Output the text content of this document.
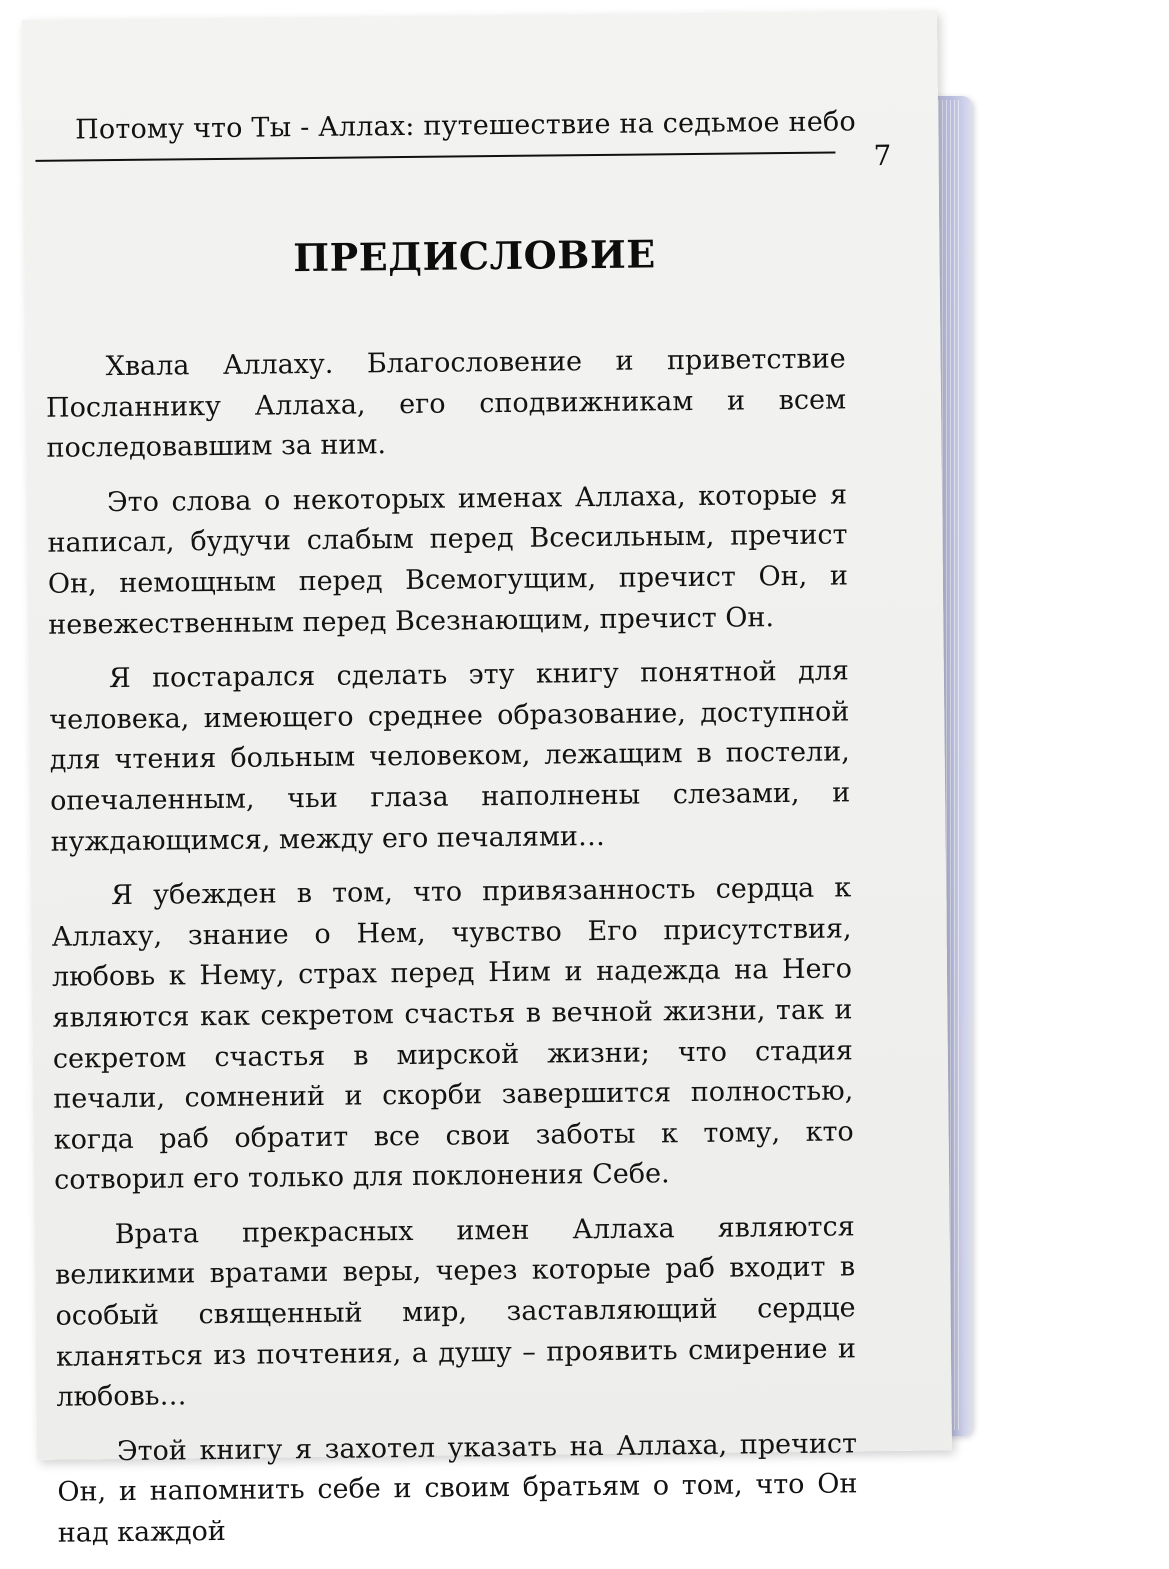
Потому что Ты - Аллах: путешествие на седьмое небо
7
ПРЕДИСЛОВИЕ

Хвала Аллаху. Благословение и приветствие Посланнику Аллаха, его сподвижникам и всем последовавшим за ним.

Это слова о некоторых именах Аллаха, которые я написал, будучи слабым перед Всесильным, пречист Он, немощным перед Всемогущим, пречист Он, и невежественным перед Всезнающим, пречист Он.

Я постарался сделать эту книгу понятной для человека, имеющего среднее образование, доступной для чтения больным человеком, лежащим в постели, опечаленным, чьи глаза наполнены слезами, и нуждающимся, между его печалями…

Я убежден в том, что привязанность сердца к Аллаху, знание о Нем, чувство Его присутствия, любовь к Нему, страх перед Ним и надежда на Него являются как секретом счастья в вечной жизни, так и секретом счастья в мирской жизни; что стадия печали, сомнений и скорби завершится полностью, когда раб обратит все свои заботы к тому, кто сотворил его только для поклонения Себе.

Врата прекрасных имен Аллаха являются великими вратами веры, через которые раб входит в особый священный мир, заставляющий сердце кланяться из почтения, а душу – проявить смирение и любовь…

Этой книгу я захотел указать на Аллаха, пречист Он, и напомнить себе и своим братьям о том, что Он над каждой
